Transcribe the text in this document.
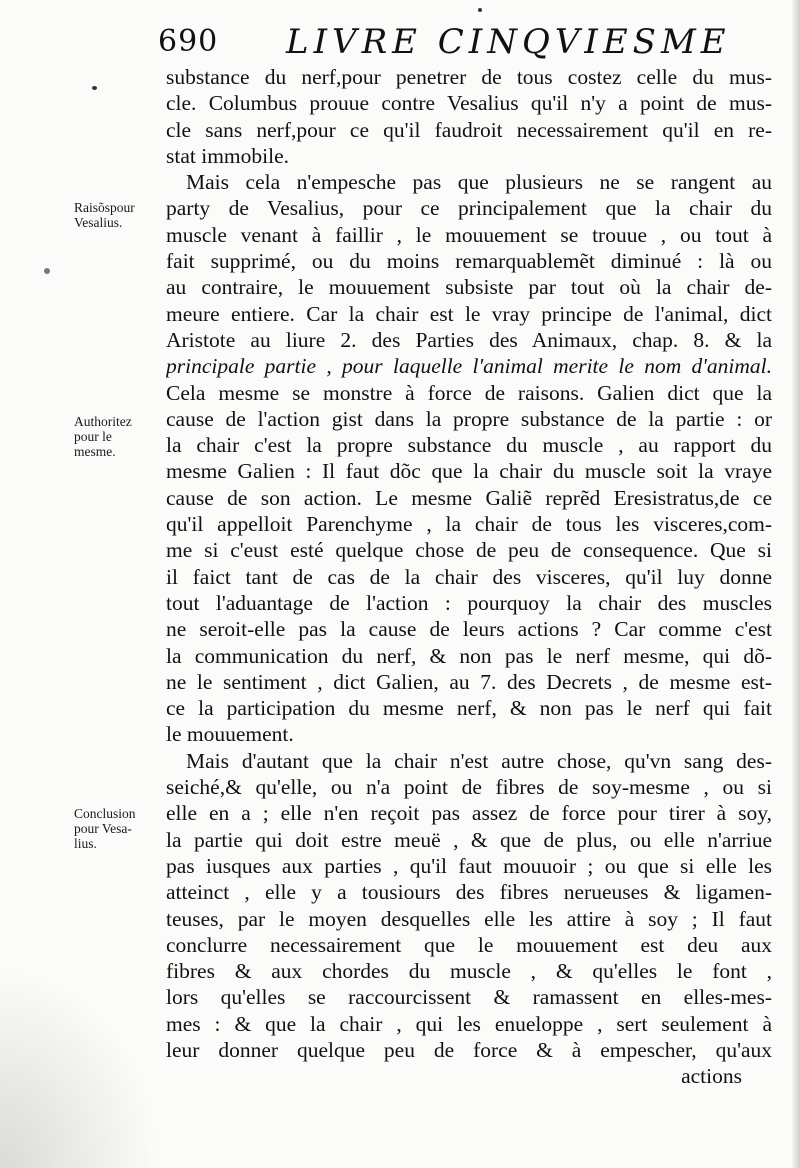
690 LIVRE CINQVIESME
Raisõspour
Vesalius.
Authoritez
pour le
mesme.
Conclusion
pour Vesa-
lius.
substance du nerf,pour penetrer de tous costez celle du mus-
cle. Columbus prouue contre Vesalius qu'il n'y a point de mus-
cle sans nerf,pour ce qu'il faudroit necessairement qu'il en re-
stat immobile.
Mais cela n'empesche pas que plusieurs ne se rangent au
party de Vesalius, pour ce principalement que la chair du
muscle venant à faillir , le mouuement se trouue , ou tout à
fait supprimé, ou du moins remarquablemẽt diminué : là ou
au contraire, le mouuement subsiste par tout où la chair de-
meure entiere. Car la chair est le vray principe de l'animal, dict
Aristote au liure 2. des Parties des Animaux, chap. 8. & la
principale partie , pour laquelle l'animal merite le nom d'animal.
Cela mesme se monstre à force de raisons. Galien dict que la
cause de l'action gist dans la propre substance de la partie : or
la chair c'est la propre substance du muscle , au rapport du
mesme Galien : Il faut dõc que la chair du muscle soit la vraye
cause de son action. Le mesme Galiẽ reprẽd Eresistratus,de ce
qu'il appelloit Parenchyme , la chair de tous les visceres,com-
me si c'eust esté quelque chose de peu de consequence. Que si
il faict tant de cas de la chair des visceres, qu'il luy donne
tout l'aduantage de l'action : pourquoy la chair des muscles
ne seroit-elle pas la cause de leurs actions ? Car comme c'est
la communication du nerf, & non pas le nerf mesme, qui dõ-
ne le sentiment , dict Galien, au 7. des Decrets , de mesme est-
ce la participation du mesme nerf, & non pas le nerf qui fait
le mouuement.
Mais d'autant que la chair n'est autre chose, qu'vn sang des-
seiché,& qu'elle, ou n'a point de fibres de soy-mesme , ou si
elle en a ; elle n'en reçoit pas assez de force pour tirer à soy,
la partie qui doit estre meuë , & que de plus, ou elle n'arriue
pas iusques aux parties , qu'il faut mouuoir ; ou que si elle les
atteinct , elle y a tousiours des fibres nerueuses & ligamen-
teuses, par le moyen desquelles elle les attire à soy ; Il faut
conclurre necessairement que le mouuement est deu aux
fibres & aux chordes du muscle , & qu'elles le font ,
lors qu'elles se raccourcissent & ramassent en elles-mes-
mes : & que la chair , qui les enueloppe , sert seulement à
leur donner quelque peu de force & à empescher, qu'aux
actions
